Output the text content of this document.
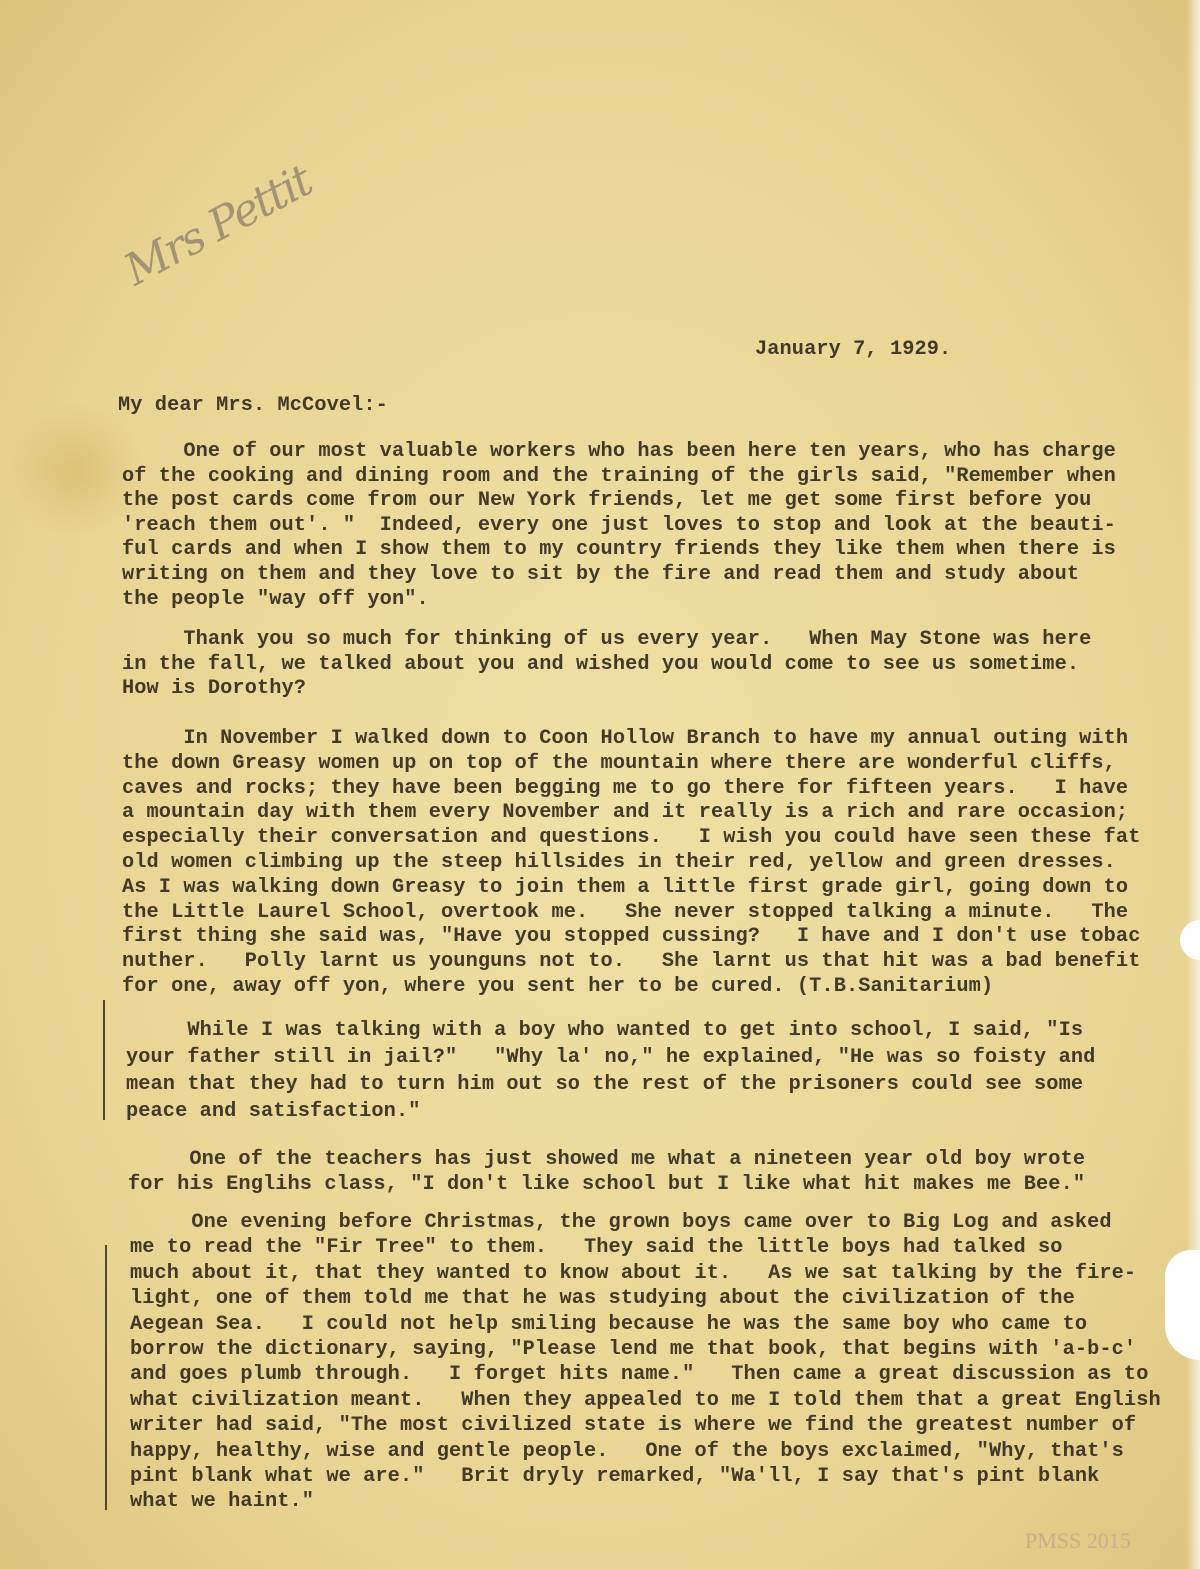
Mrs Pettit
January 7, 1929.
My dear Mrs. McCovel:-
One of our most valuable workers who has been here ten years, who has charge
of the cooking and dining room and the training of the girls said, "Remember when
the post cards come from our New York friends, let me get some first before you
'reach them out'. "  Indeed, every one just loves to stop and look at the beauti-
ful cards and when I show them to my country friends they like them when there is
writing on them and they love to sit by the fire and read them and study about
the people "way off yon".
Thank you so much for thinking of us every year.   When May Stone was here
in the fall, we talked about you and wished you would come to see us sometime.
How is Dorothy?
In November I walked down to Coon Hollow Branch to have my annual outing with
the down Greasy women up on top of the mountain where there are wonderful cliffs,
caves and rocks; they have been begging me to go there for fifteen years.   I have
a mountain day with them every November and it really is a rich and rare occasion;
especially their conversation and questions.   I wish you could have seen these fat
old women climbing up the steep hillsides in their red, yellow and green dresses.
As I was walking down Greasy to join them a little first grade girl, going down to
the Little Laurel School, overtook me.   She never stopped talking a minute.   The
first thing she said was, "Have you stopped cussing?   I have and I don't use tobac
nuther.   Polly larnt us younguns not to.   She larnt us that hit was a bad benefit
for one, away off yon, where you sent her to be cured. (T.B.Sanitarium)
While I was talking with a boy who wanted to get into school, I said, "Is
your father still in jail?"   "Why la' no," he explained, "He was so foisty and
mean that they had to turn him out so the rest of the prisoners could see some
peace and satisfaction."
One of the teachers has just showed me what a nineteen year old boy wrote
for his Englihs class, "I don't like school but I like what hit makes me Bee."
One evening before Christmas, the grown boys came over to Big Log and asked
me to read the "Fir Tree" to them.   They said the little boys had talked so
much about it, that they wanted to know about it.   As we sat talking by the fire-
light, one of them told me that he was studying about the civilization of the
Aegean Sea.   I could not help smiling because he was the same boy who came to
borrow the dictionary, saying, "Please lend me that book, that begins with 'a-b-c'
and goes plumb through.   I forget hits name."   Then came a great discussion as to
what civilization meant.   When they appealed to me I told them that a great English
writer had said, "The most civilized state is where we find the greatest number of
happy, healthy, wise and gentle people.   One of the boys exclaimed, "Why, that's
pint blank what we are."   Brit dryly remarked, "Wa'll, I say that's pint blank
what we haint."
PMSS 2015
